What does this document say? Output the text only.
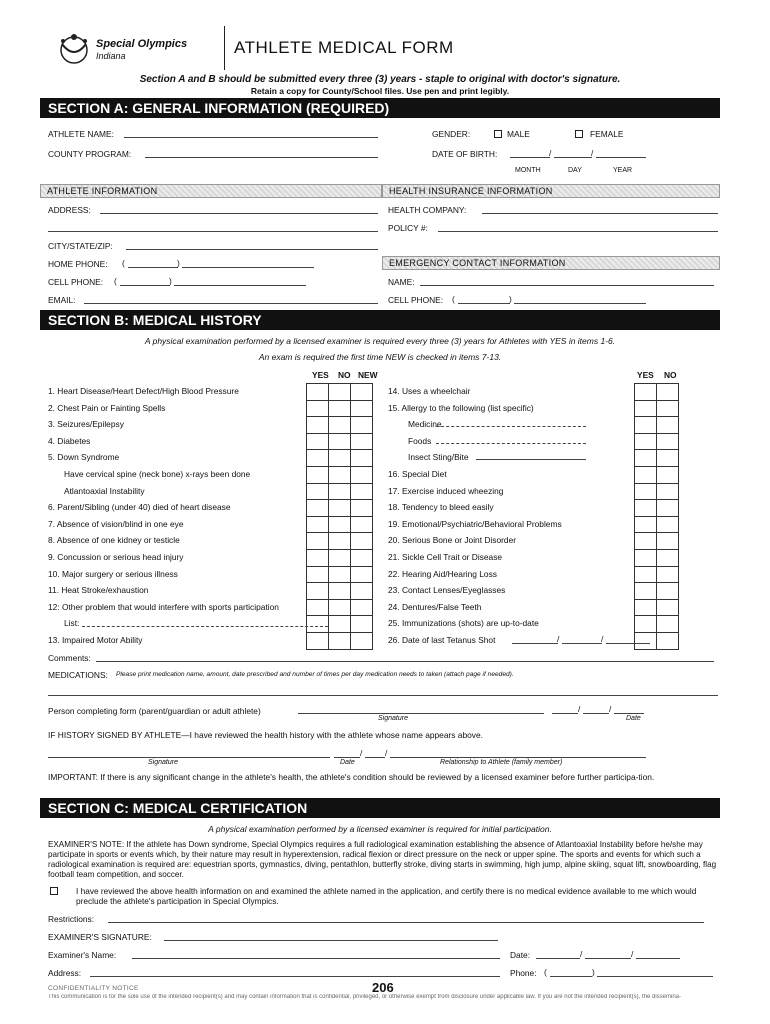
Special Olympics
Indiana	ATHLETE MEDICAL FORM
Section A and B should be submitted every three (3) years - staple to original with doctor's signature.
Retain a copy for County/School files. Use pen and print legibly.
SECTION A: GENERAL INFORMATION (REQUIRED)
ATHLETE NAME:	GENDER:	MALE	FEMALE
COUNTY PROGRAM:	DATE OF BIRTH:	/	/
MONTH	DAY	YEAR
ATHLETE INFORMATION	HEALTH INSURANCE INFORMATION
ADDRESS:	HEALTH COMPANY:
POLICY #:
CITY/STATE/ZIP:
HOME PHONE: (	)	EMERGENCY CONTACT INFORMATION
CELL PHONE: (	)	NAME:
EMAIL:	CELL PHONE: (	)
SECTION B: MEDICAL HISTORY
A physical examination performed by a licensed examiner is required every three (3) years for Athletes with YES in items 1-6.
An exam is required the first time NEW is checked in items 7-13.
YES NO NEW	YES NO

1. Heart Disease/Heart Defect/High Blood Pressure
2. Chest Pain or Fainting Spells
3. Seizures/Epilepsy
4. Diabetes
5. Down Syndrome
Have cervical spine (neck bone) x-rays been done
Atlantoaxial Instability
6. Parent/Sibling (under 40) died of heart disease
7. Absence of vision/blind in one eye
8. Absence of one kidney or testicle
9. Concussion or serious head injury
10. Major surgery or serious illness
11. Heat Stroke/exhaustion
12: Other problem that would interfere with sports participation
List:
13. Impaired Motor Ability
14. Uses a wheelchair
15. Allergy to the following (list specific)
Medicine
Foods
Insect Sting/Bite
16. Special Diet
17. Exercise induced wheezing
18. Tendency to bleed easily
19. Emotional/Psychiatric/Behavioral Problems
20. Serious Bone or Joint Disorder
21. Sickle Cell Trait or Disease
22. Hearing Aid/Hearing Loss
23. Contact Lenses/Eyeglasses
24. Dentures/False Teeth
25. Immunizations (shots) are up-to-date
26. Date of last Tetanus Shot	/	/
Comments:
MEDICATIONS: Please print medication name, amount, date prescribed and number of times per day medication needs to taken (attach page if needed).
Person completing form (parent/guardian or adult athlete)	/	/
Signature	Date
IF HISTORY SIGNED BY ATHLETE—I have reviewed the health history with the athlete whose name appears above.
/	/
Signature	Date	Relationship to Athlete (family member)
IMPORTANT: If there is any significant change in the athlete's health, the athlete's condition should be reviewed by a licensed examiner before further participa-tion.
SECTION C: MEDICAL CERTIFICATION
A physical examination performed by a licensed examiner is required for initial participation.
EXAMINER'S NOTE: If the athlete has Down syndrome, Special Olympics requires a full radiological examination establishing the absence of Atlantoaxial Instability before he/she may participate in sports or events which, by their nature may result in hyperextension, radical flexion or direct pressure on the neck or upper spine. The sports and events for which such a radiological examination is required are: equestrian sports, gymnastics, diving, pentathlon, butterfly stroke, diving starts in swimming, high jump, alpine skiing, squat lift, snowboarding, flag football team competition, and soccer.
I have reviewed the above health information on and examined the athlete named in the application, and certify there is no medical evidence available to me which would preclude the athlete's participation in Special Olympics.
Restrictions:
EXAMINER'S SIGNATURE:
Examiner's Name:	Date:	/	/
Address:	Phone: (	)
CONFIDENTIALITY NOTICE	206
This communication is for the sole use of the intended recipient(s) and may contain information that is confidential, privileged, or otherwise exempt from disclosure under applicable law. If you are not the intended recipient(s), the dissemina-
